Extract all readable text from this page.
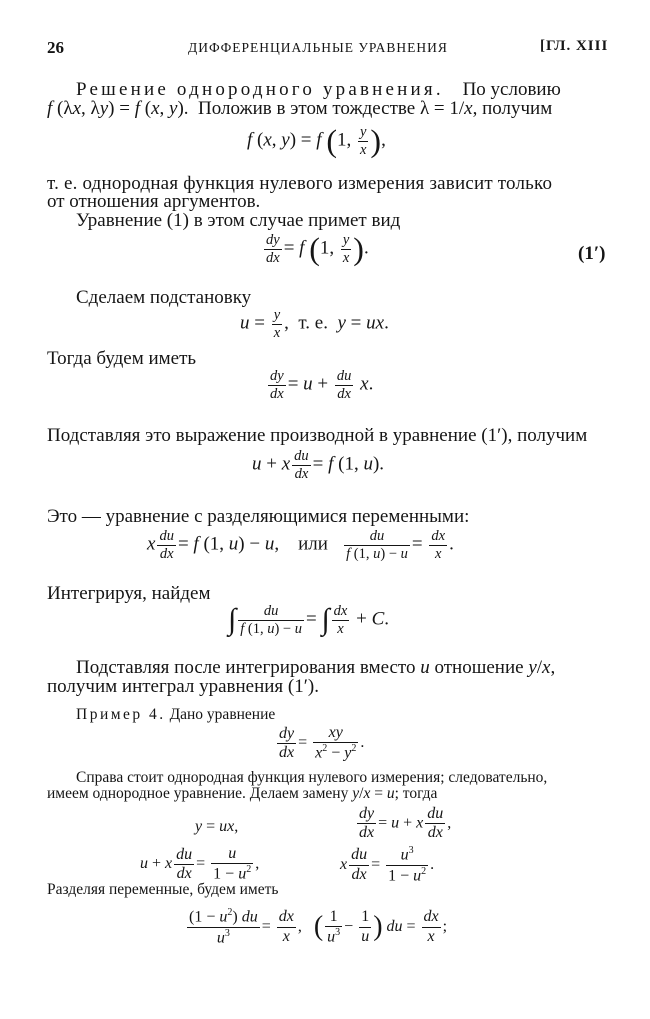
26	ДИФФЕРЕНЦИАЛЬНЫЕ УРАВНЕНИЯ	[ГЛ. XIII
Решение однородного уравнения. По условию
f (λx, λy) = f (x, y).  Положив в этом тождестве λ = 1/x, получим
f (x, y) = f (1, $\frac{y}{x}$ ),
т. е. однородная функция нулевого измерения зависит только
от отношения аргументов.
Уравнение (1) в этом случае примет вид
$\frac{dy}{dx} = f$ (1, $\frac{y}{x}$ ).	(1′)
Сделаем подстановку
$u = \frac{y}{x}$ ,  т. е. y = ux.
Тогда будем иметь
$\frac{dy}{dx} = u + \frac{du}{dx} x$.
Подставляя это выражение производной в уравнение (1′), получим
u + x $\frac{du}{dx} = f$ (1, u).
Это — уравнение с разделяющимися переменными:
x $\frac{du}{dx} = f$ (1, u) − u,    или $\frac{du}{f (1, u) - u} = \frac{dx}{x}$ .
Интегрируя, найдем
∫ $\frac{du}{f (1, u) - u}$ = ∫ $\frac{dx}{x} + C$.
Подставляя после интегрирования вместо u отношение y/x,
получим интеграл уравнения (1′).
Пример 4. Дано уравнение
$\frac{dy}{dx} = \frac{xy}{x^2 - y^2}$ .
Справа стоит однородная функция нулевого измерения; следовательно,
имеем однородное уравнение. Делаем замену y/x = u; тогда
y = ux,	$\frac{dy}{dx} = u + x \frac{du}{dx}$ ,
u + x $\frac{du}{dx} = \frac{u}{1 - u^2}$ ,	x $\frac{du}{dx} = \frac{u^3}{1 - u^2}$ .
Разделяя переменные, будем иметь
$\frac{(1 - u^2) du}{u^3} = \frac{dx}{x}$ ,   ( $\frac{1}{u^3} - \frac{1}{u}$ ) du = $\frac{dx}{x}$ ;
